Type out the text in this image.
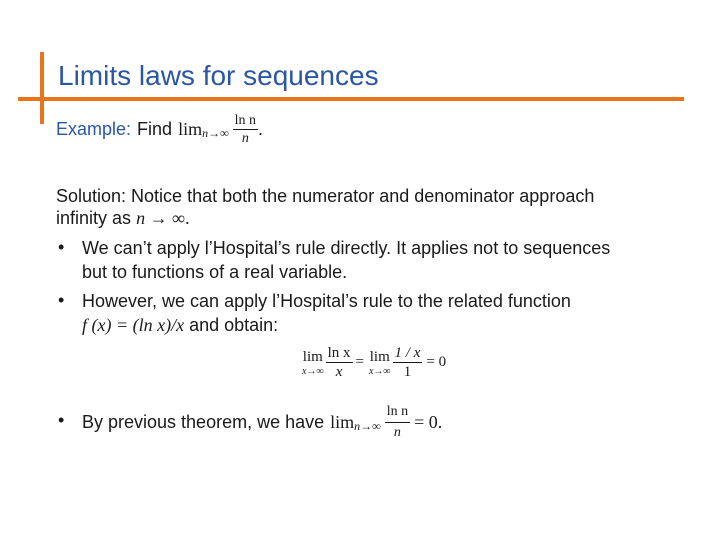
Limits laws for sequences
Example: Find $\lim n\to\infty \frac{\text{ln n}}{n}$ .
Solution: Notice that both the numerator and denominator approach
infinity as n → ∞.
• We can’t apply l’Hospital’s rule directly. It applies not to sequences
but to functions of a real variable.
• However, we can apply l’Hospital’s rule to the related function
f (x) = (ln x)/x and obtain:
lim
$x\to\infty \frac{\text{ln x}}{x} = \lim$
$x\to\infty \frac{1 / x}{1} = 0$
• By previous theorem, we have $\lim n\to\infty \frac{\text{ln n}}{n} = 0$.
